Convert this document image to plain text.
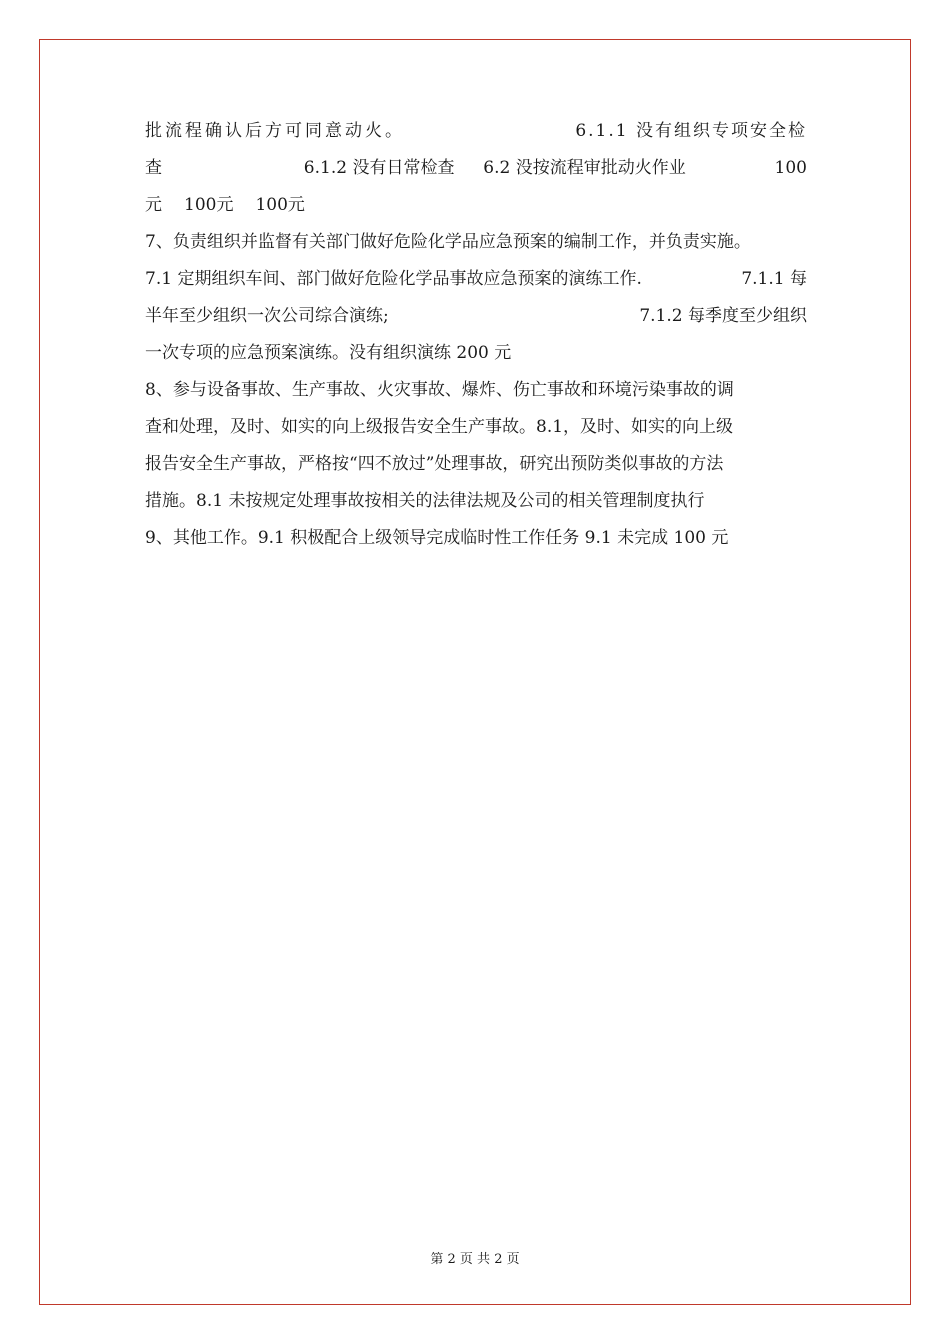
批流程确认后方可同意动火。	6.1.1 没有组织专项安全检
查	6.1.2 没有日常检查 6.2 没按流程审批动火作业	100
元 100元 100元
7、负责组织并监督有关部门做好危险化学品应急预案的编制工作，并负责实施。
7.1 定期组织车间、部门做好危险化学品事故应急预案的演练工作.	7.1.1 每
半年至少组织一次公司综合演练;	7.1.2 每季度至少组织
一次专项的应急预案演练。没有组织演练 200 元
8、参与设备事故、生产事故、火灾事故、爆炸、伤亡事故和环境污染事故的调
查和处理，及时、如实的向上级报告安全生产事故。8.1，及时、如实的向上级
报告安全生产事故，严格按“四不放过”处理事故，研究出预防类似事故的方法
措施。8.1 未按规定处理事故按相关的法律法规及公司的相关管理制度执行
9、其他工作。9.1 积极配合上级领导完成临时性工作任务 9.1 未完成 100 元
第 2 页 共 2 页
